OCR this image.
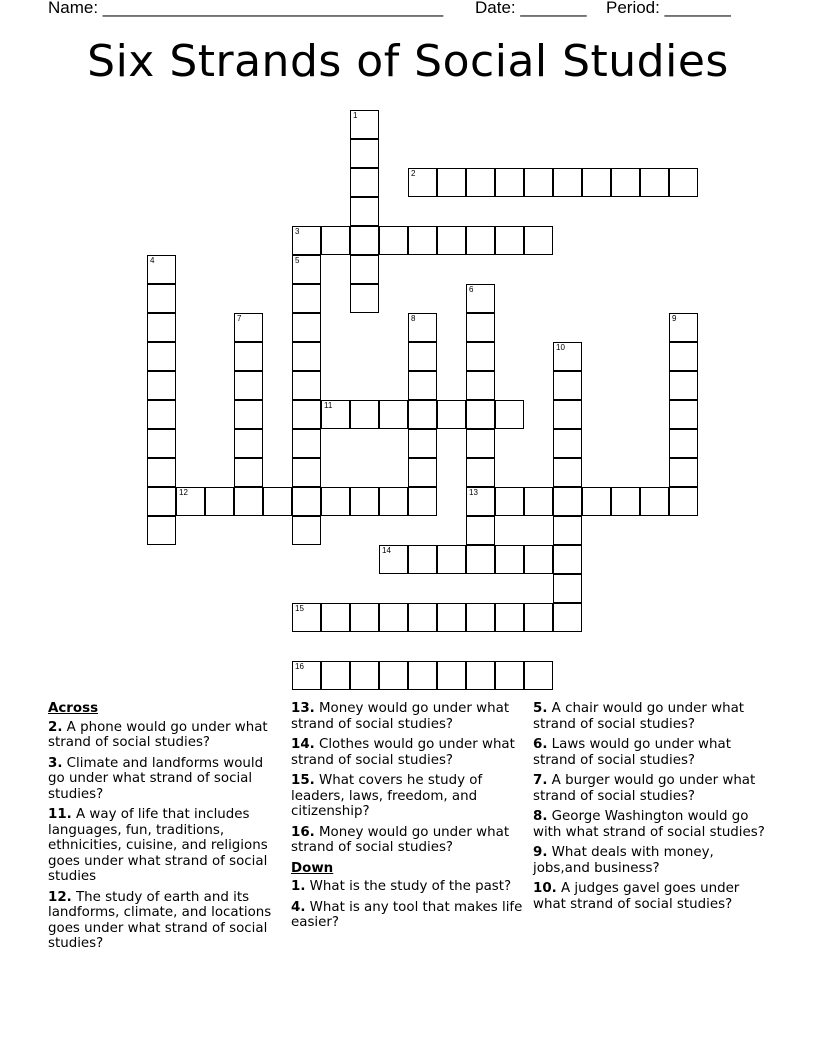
Name: ____________________________________ Date: _______ Period: _______
Six Strands of Social Studies
1
2
3
4	5
6
13
7	8	9
10
11
12
14
15
16
Across
2. A phone would go under what strand of social studies?
3. Climate and landforms would go under what strand of social studies?
11. A way of life that includes languages, fun, traditions, ethnicities, cuisine, and religions goes under what strand of social studies
12. The study of earth and its landforms, climate, and locations goes under what strand of social studies?
13. Money would go under what strand of social studies?
14. Clothes would go under what strand of social studies?
15. What covers he study of leaders, laws, freedom, and citizenship?
16. Money would go under what strand of social studies?
Down
1. What is the study of the past?
4. What is any tool that makes life easier?
5. A chair would go under what strand of social studies?
6. Laws would go under what strand of social studies?
7. A burger would go under what strand of social studies?
8. George Washington would go with what strand of social studies?
9. What deals with money, jobs,and business?
10. A judges gavel goes under what strand of social studies?
